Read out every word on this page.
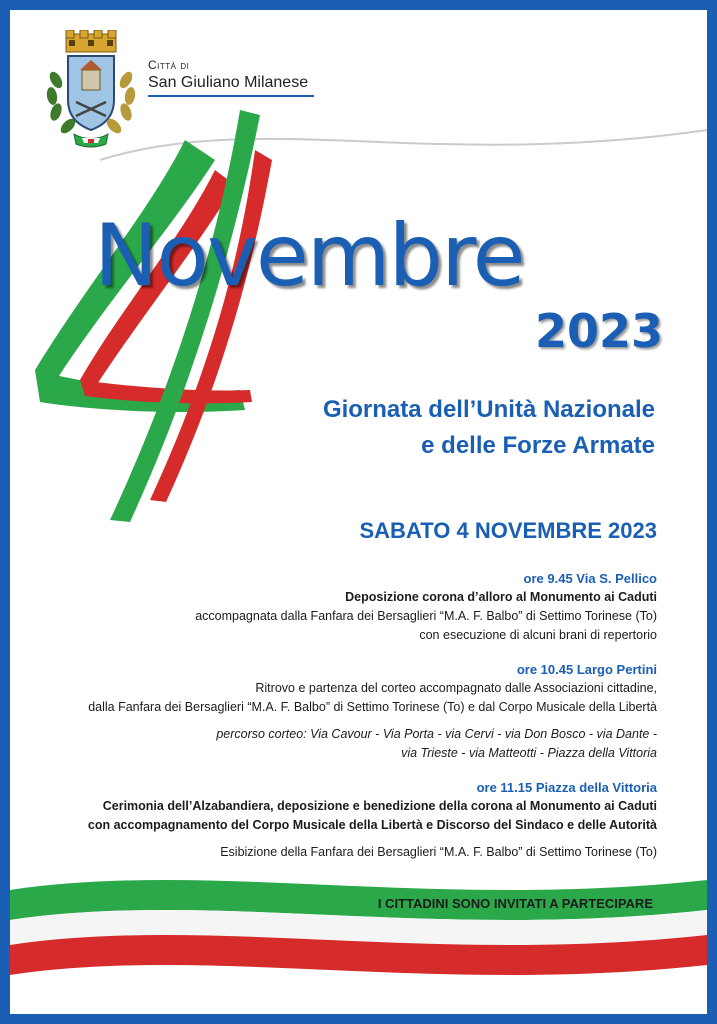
Città di
San Giuliano Milanese
Novembre
2023
Giornata dell’Unità Nazionale
e delle Forze Armate
SABATO 4 NOVEMBRE 2023
ore 9.45 Via S. Pellico
Deposizione corona d’alloro al Monumento ai Caduti
accompagnata dalla Fanfara dei Bersaglieri “M.A. F. Balbo” di Settimo Torinese (To)
con esecuzione di alcuni brani di repertorio
ore 10.45 Largo Pertini
Ritrovo e partenza del corteo accompagnato dalle Associazioni cittadine,
dalla Fanfara dei Bersaglieri “M.A. F. Balbo” di Settimo Torinese (To) e dal Corpo Musicale della Libertà
percorso corteo: Via Cavour - Via Porta - via Cervi - via Don Bosco - via Dante -
via Trieste - via Matteotti - Piazza della Vittoria
ore 11.15 Piazza della Vittoria
Cerimonia dell’Alzabandiera, deposizione e benedizione della corona al Monumento ai Caduti
con accompagnamento del Corpo Musicale della Libertà e Discorso del Sindaco e delle Autorità
Esibizione della Fanfara dei Bersaglieri “M.A. F. Balbo” di Settimo Torinese (To)
I CITTADINI SONO INVITATI A PARTECIPARE
